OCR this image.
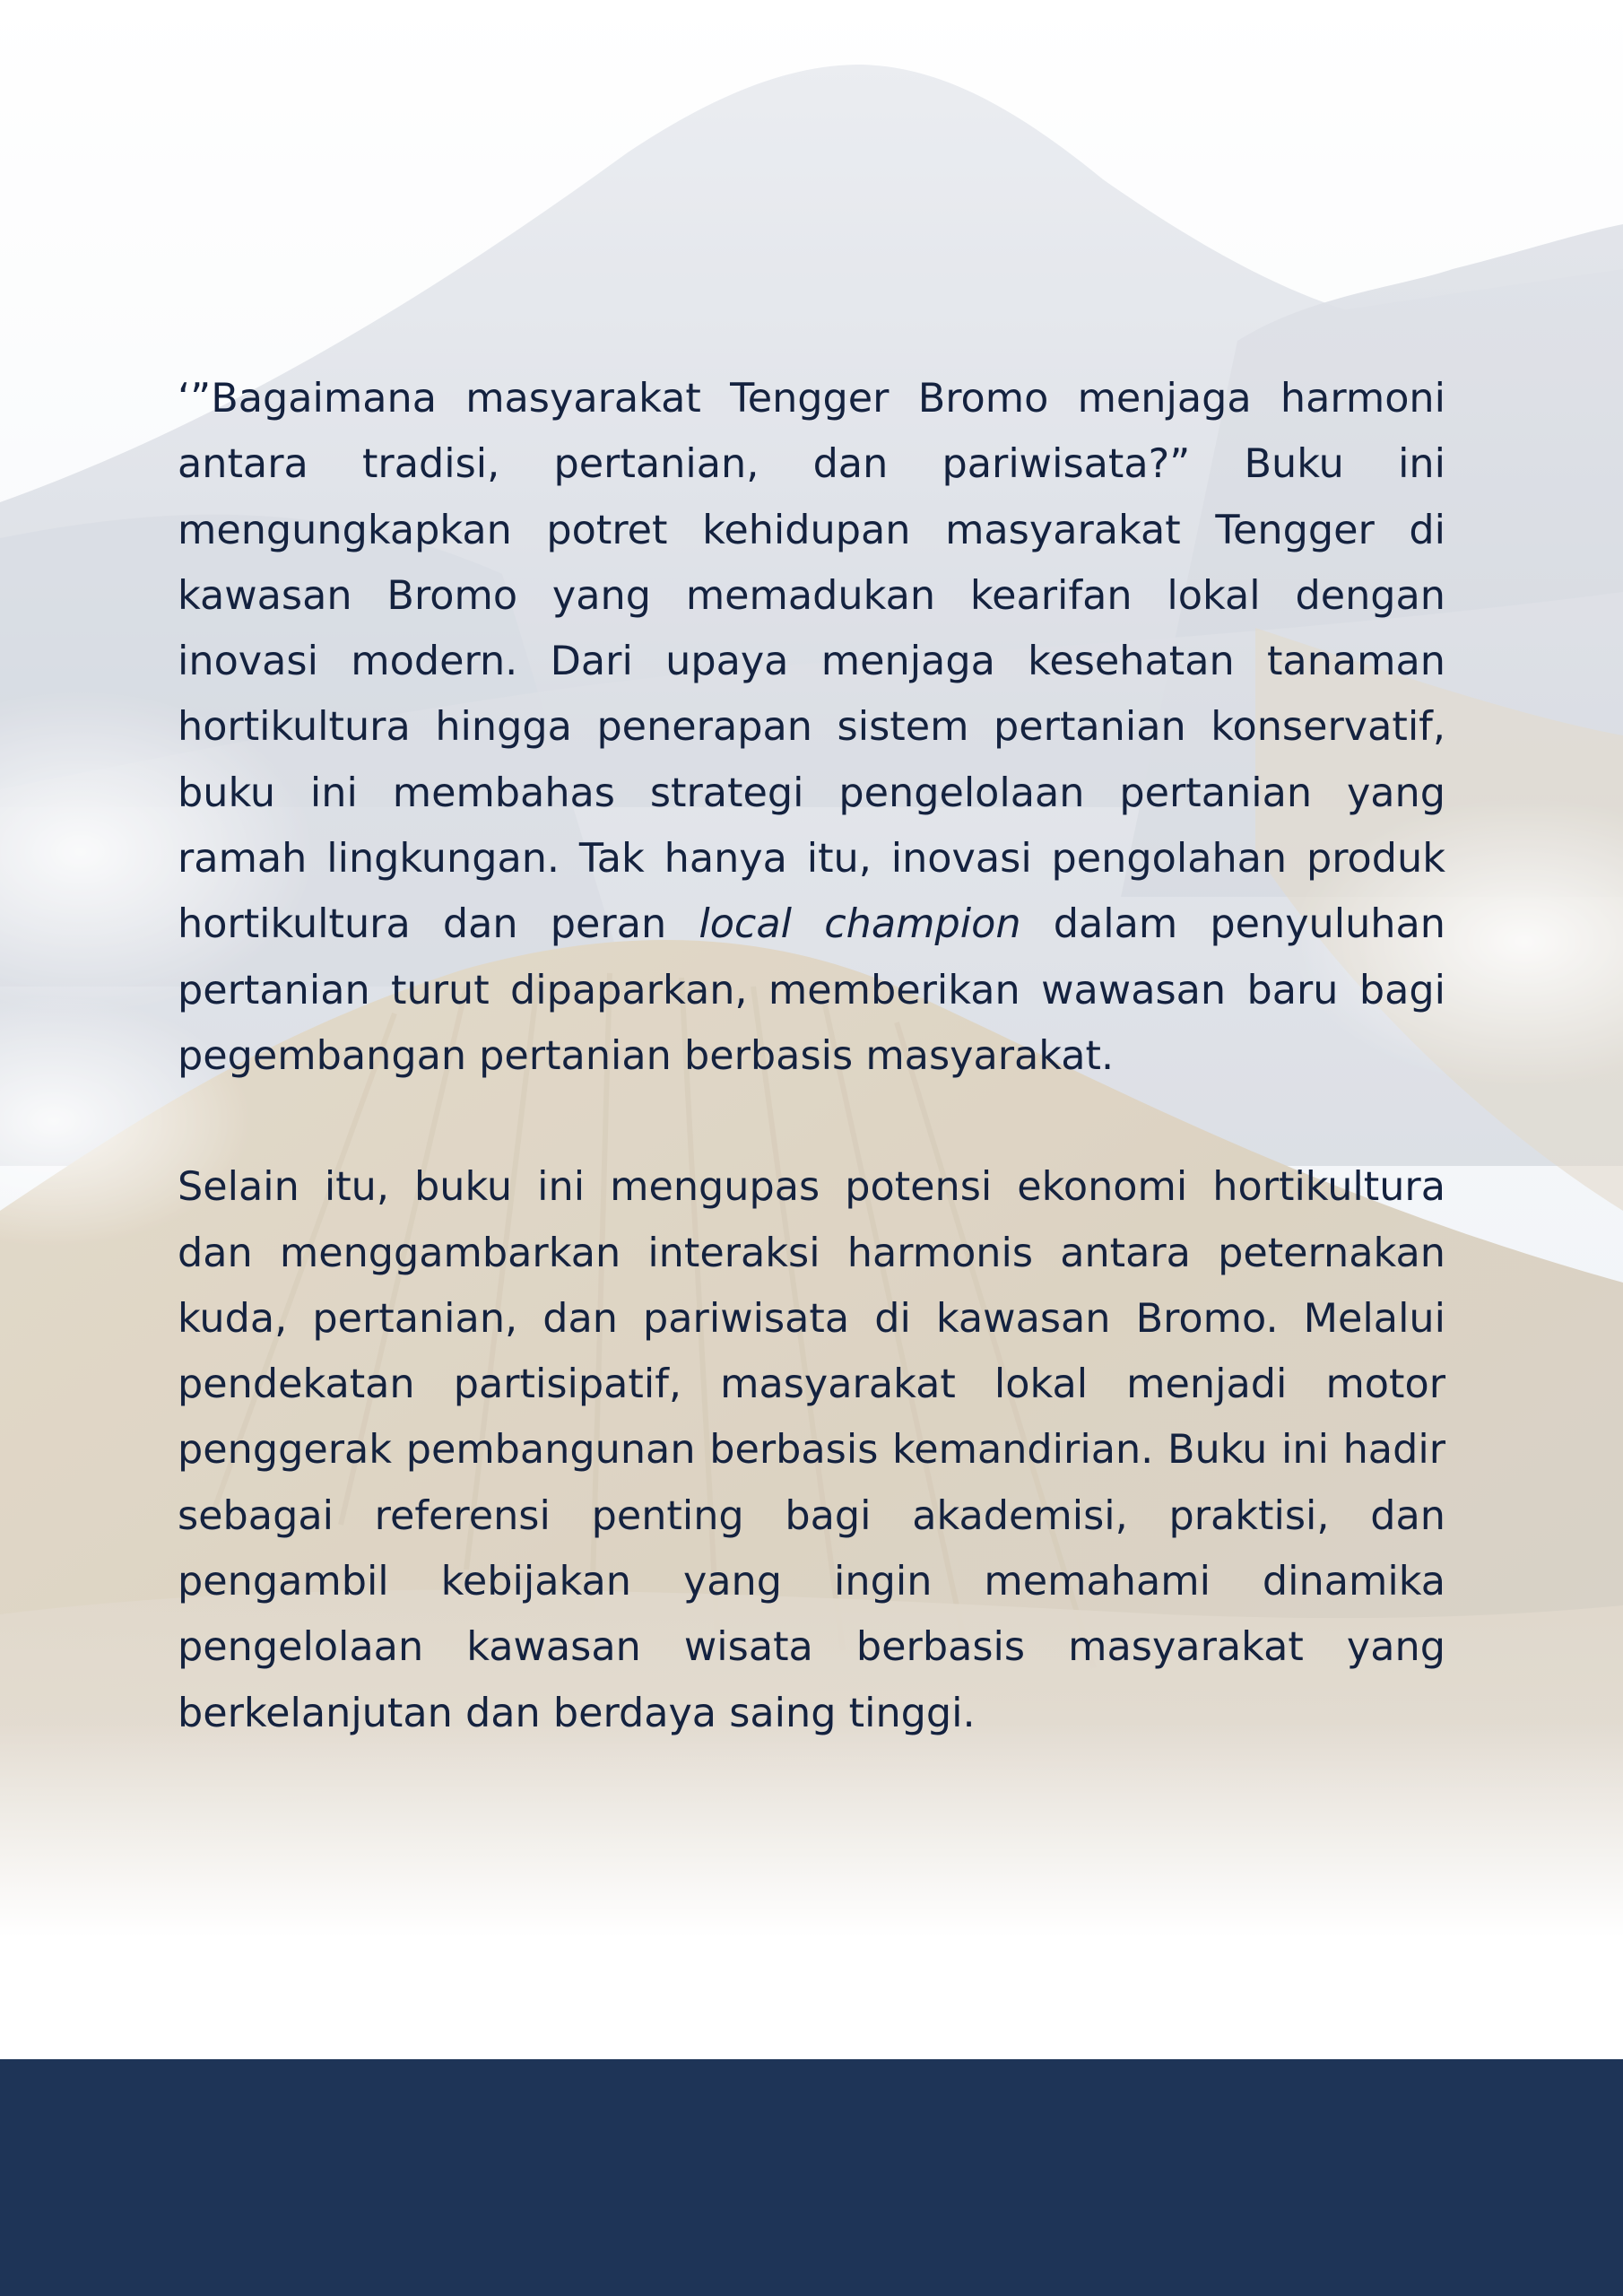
‘”Bagaimana masyarakat Tengger Bromo menjaga harmoni antara tradisi, pertanian, dan pariwisata?” Buku ini mengungkapkan potret kehidupan masyarakat Tengger di kawasan Bromo yang memadukan kearifan lokal dengan inovasi modern. Dari upaya menjaga kesehatan tanaman hortikultura hingga penerapan sistem pertanian konservatif, buku ini membahas strategi pengelolaan pertanian yang ramah lingkungan. Tak hanya itu, inovasi pengolahan produk hortikultura dan peran local champion dalam penyuluhan pertanian turut dipaparkan, memberikan wawasan baru bagi pegembangan pertanian berbasis masyarakat.

Selain itu, buku ini mengupas potensi ekonomi hortikultura dan menggambarkan interaksi harmonis antara peternakan kuda, pertanian, dan pariwisata di kawasan Bromo. Melalui pendekatan partisipatif, masyarakat lokal menjadi motor penggerak pembangunan berbasis kemandirian. Buku ini hadir sebagai referensi penting bagi akademisi, praktisi, dan pengambil kebijakan yang ingin memahami dinamika pengelolaan kawasan wisata berbasis masyarakat yang berkelanjutan dan berdaya saing tinggi.
